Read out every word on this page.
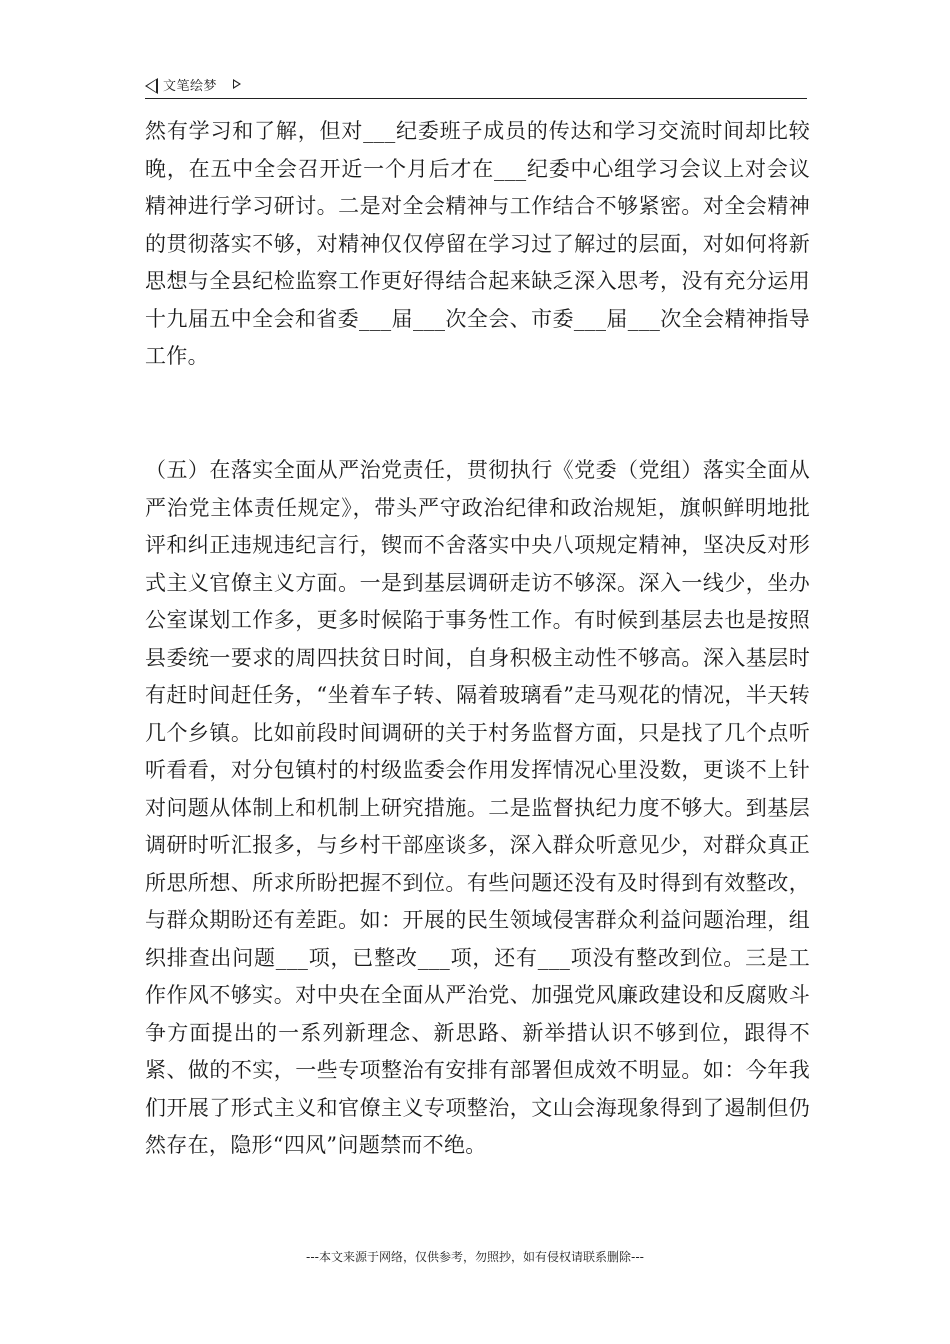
文笔绘梦

然有学习和了解，但对___纪委班子成员的传达和学习交流时间却比较晚，在五中全会召开近一个月后才在___纪委中心组学习会议上对会议精神进行学习研讨。二是对全会精神与工作结合不够紧密。对全会精神的贯彻落实不够，对精神仅仅停留在学习过了解过的层面，对如何将新思想与全县纪检监察工作更好得结合起来缺乏深入思考，没有充分运用十九届五中全会和省委___届___次全会、市委___届___次全会精神指导工作。

（五）在落实全面从严治党责任，贯彻执行《党委（党组）落实全面从严治党主体责任规定》，带头严守政治纪律和政治规矩，旗帜鲜明地批评和纠正违规违纪言行，锲而不舍落实中央八项规定精神，坚决反对形式主义官僚主义方面。一是到基层调研走访不够深。深入一线少，坐办公室谋划工作多，更多时候陷于事务性工作。有时候到基层去也是按照县委统一要求的周四扶贫日时间，自身积极主动性不够高。深入基层时有赶时间赶任务，“坐着车子转、隔着玻璃看”走马观花的情况，半天转几个乡镇。比如前段时间调研的关于村务监督方面，只是找了几个点听听看看，对分包镇村的村级监委会作用发挥情况心里没数，更谈不上针对问题从体制上和机制上研究措施。二是监督执纪力度不够大。到基层调研时听汇报多，与乡村干部座谈多，深入群众听意见少，对群众真正所思所想、所求所盼把握不到位。有些问题还没有及时得到有效整改，与群众期盼还有差距。如：开展的民生领域侵害群众利益问题治理，组织排查出问题___项，已整改___项，还有___项没有整改到位。三是工作作风不够实。对中央在全面从严治党、加强党风廉政建设和反腐败斗争方面提出的一系列新理念、新思路、新举措认识不够到位，跟得不紧、做的不实，一些专项整治有安排有部署但成效不明显。如：今年我们开展了形式主义和官僚主义专项整治，文山会海现象得到了遏制但仍然存在，隐形“四风”问题禁而不绝。

---本文来源于网络，仅供参考，勿照抄，如有侵权请联系删除---
